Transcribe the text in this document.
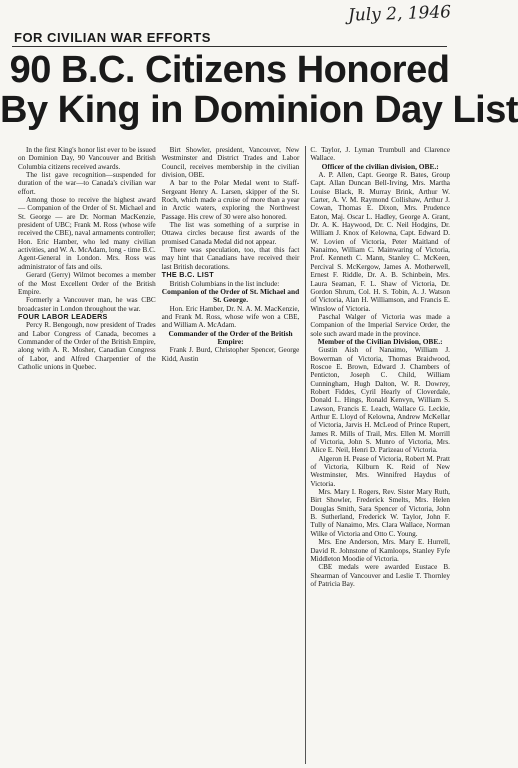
July 2, 1946
FOR CIVILIAN WAR EFFORTS
90 B.C. Citizens Honored
By King in Dominion Day List

In the first King's honor list ever to be issued on Dominion Day, 90 Vancouver and British Columbia citizens received awards.

The list gave recognition—suspended for duration of the war—to Canada's civilian war effort.

Among those to receive the highest award — Companion of the Order of St. Michael and St. George — are Dr. Norman MacKenzie, president of UBC; Frank M. Ross (whose wife received the CBE), naval armaments controller; Hon. Eric Hamber, who led many civilian activities, and W. A. McAdam, long - time B.C. Agent-General in London. Mrs. Ross was administrator of fats and oils.

Gerard (Gerry) Wilmot becomes a member of the Most Excellent Order of the British Empire.

Formerly a Vancouver man, he was CBC broadcaster in London throughout the war.

FOUR LABOR LEADERS

Percy R. Bengough, now president of Trades and Labor Congress of Canada, becomes a Commander of the Order of the British Empire, along with A. R. Mosher, Canadian Congress of Labor, and Alfred Charpentier of the Catholic unions in Quebec.

Birt Showler, president, Vancouver, New Westminster and District Trades and Labor Council, receives membership in the civilian division, OBE.

A bar to the Polar Medal went to Staff-Sergeant Henry A. Larsen, skipper of the St. Roch, which made a cruise of more than a year in Arctic waters, exploring the Northwest Passage. His crew of 30 were also honored.

The list was something of a surprise in Ottawa circles because first awards of the promised Canada Medal did not appear.

There was speculation, too, that this fact may hint that Canadians have received their last British decorations.

THE B.C. LIST

British Columbians in the list include:

Companion of the Order of St. Michael and St. George.

Hon. Eric Hamber, Dr. N. A. M. MacKenzie, and Frank M. Ross, whose wife won a CBE, and William A. McAdam.

Commander of the Order of the British Empire:

Frank J. Burd, Christopher Spencer, George Kidd, Austin

C. Taylor, J. Lyman Trumbull and Clarence Wallace.

Officer of the civilian division, OBE.:

A. P. Allen, Capt. George R. Bates, Group Capt. Allan Duncan Bell-Irving, Mrs. Martha Louise Black, R. Murray Brink, Arthur W. Carter, A. V. M. Raymond Collishaw, Arthur J. Cowan, Thomas E. Dixon, Mrs. Prudence Eaton, Maj. Oscar L. Hadley, George A. Grant, Dr. A. K. Haywood, Dr. C. Neil Hodgins, Dr. William J. Knox of Kelowna, Capt. Edward D. W. Lovien of Victoria, Peter Maitland of Nanaimo, William C. Mainwaring of Victoria, Prof. Kenneth C. Mann, Stanley C. McKeen, Percival S. McKergow, James A. Motherwell, Ernest F. Riddle, Dr. A. B. Schinbein, Mrs. Laura Seaman, F. L. Shaw of Victoria, Dr. Gordon Shrum, Col. H. S. Tobin, A. J. Watson of Victoria, Alan H. Williamson, and Francis E. Winslow of Victoria.

Paschal Walger of Victoria was made a Companion of the Imperial Service Order, the sole such award made in the province.

Member of the Civilian Division, OBE.:

Gustin Aish of Nanaimo, William J. Bowerman of Victoria, Thomas Braidwood, Roscoe E. Brown, Edward J. Chambers of Penticton, Joseph C. Child, William Cunningham, Hugh Dalton, W. R. Dowrey, Robert Fiddes, Cyril Hearly of Cloverdale, Donald L. Hings, Ronald Kenvyn, William S. Lawson, Francis E. Leach, Wallace G. Leckie, Arthur E. Lloyd of Kelowna, Andrew McKellar of Victoria, Jarvis H. McLeod of Prince Rupert, James R. Mills of Trail, Mrs. Ellen M. Morrill of Victoria, John S. Munro of Victoria, Mrs. Alice E. Neil, Henri D. Parizeau of Victoria.

Algeron H. Pease of Victoria, Robert M. Pratt of Victoria, Kilburn K. Reid of New Westminster, Mrs. Winnifred Haydus of Victoria.

Mrs. Mary I. Rogers, Rev. Sister Mary Ruth, Birt Showler, Frederick Smelts, Mrs. Helen Douglas Smith, Sara Spencer of Victoria, John B. Sutherland, Frederick W. Taylor, John F. Tully of Nanaimo, Mrs. Clara Wallace, Norman Wilke of Victoria and Otto C. Young.

Mrs. Ene Anderson, Mrs. Mary E. Hurrell, David R. Johnstone of Kamloops, Stanley Fyfe Middleton Moodie of Victoria.

CBE medals were awarded Eustace B. Shearman of Vancouver and Leslie T. Thornley of Patricia Bay.
